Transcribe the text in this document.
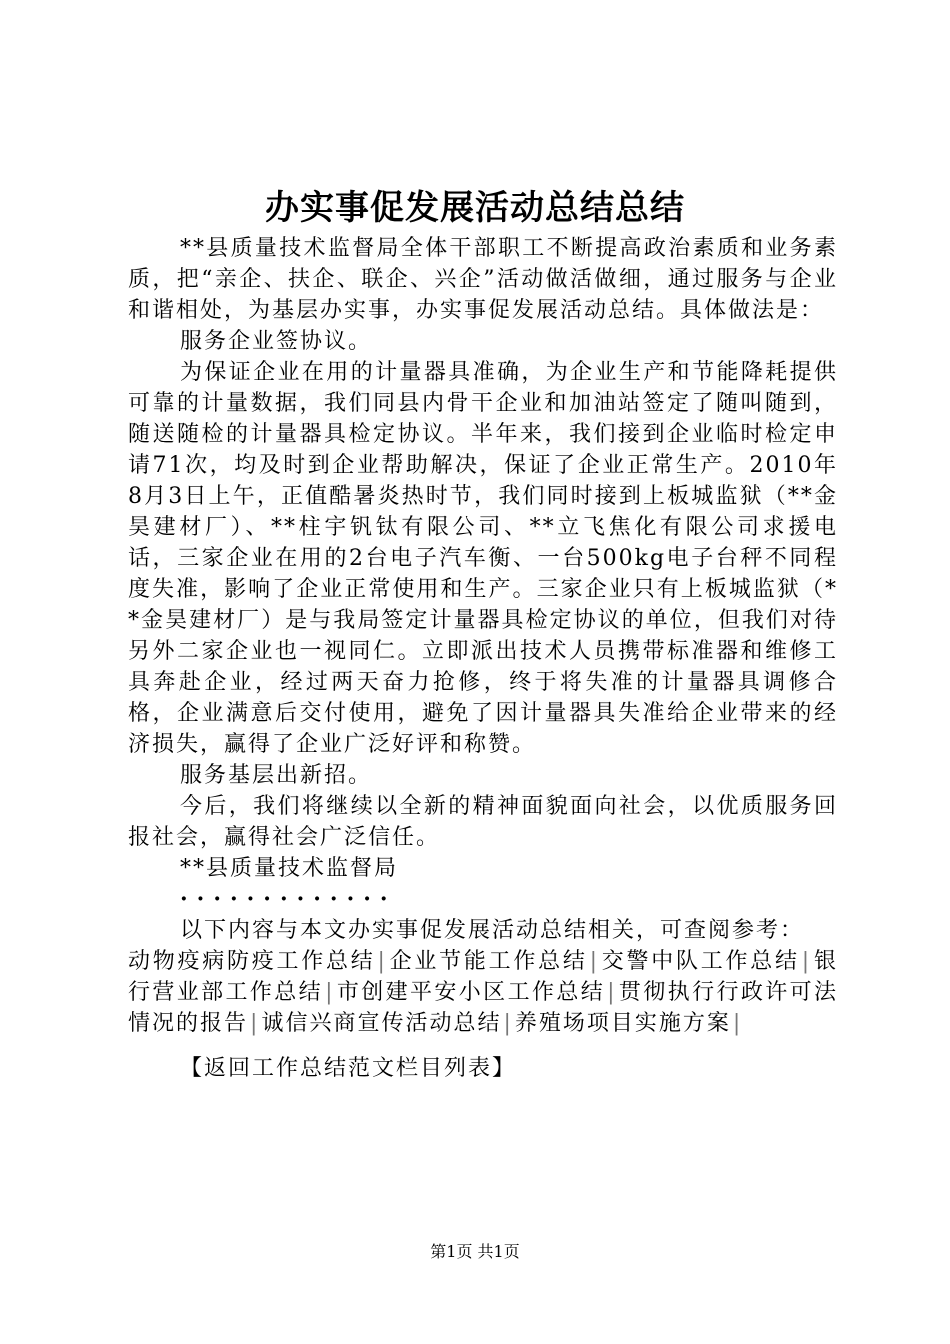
办实事促发展活动总结总结

**县质量技术监督局全体干部职工不断提高政治素质和业务素质，把“亲企、扶企、联企、兴企”活动做活做细，通过服务与企业和谐相处，为基层办实事，办实事促发展活动总结。具体做法是：

服务企业签协议。

为保证企业在用的计量器具准确，为企业生产和节能降耗提供可靠的计量数据，我们同县内骨干企业和加油站签定了随叫随到，随送随检的计量器具检定协议。半年来，我们接到企业临时检定申请71次，均及时到企业帮助解决，保证了企业正常生产。2010年8月3日上午，正值酷暑炎热时节，我们同时接到上板城监狱（**金昊建材厂）、**柱宇钒钛有限公司、**立飞焦化有限公司求援电话，三家企业在用的2台电子汽车衡、一台500kg电子台秤不同程度失准，影响了企业正常使用和生产。三家企业只有上板城监狱（**金昊建材厂）是与我局签定计量器具检定协议的单位，但我们对待另外二家企业也一视同仁。立即派出技术人员携带标准器和维修工具奔赴企业，经过两天奋力抢修，终于将失准的计量器具调修合格，企业满意后交付使用，避免了因计量器具失准给企业带来的经济损失，赢得了企业广泛好评和称赞。

服务基层出新招。

今后，我们将继续以全新的精神面貌面向社会，以优质服务回报社会，赢得社会广泛信任。

**县质量技术监督局

·············

以下内容与本文办实事促发展活动总结相关，可查阅参考：

动物疫病防疫工作总结|企业节能工作总结|交警中队工作总结|银行营业部工作总结|市创建平安小区工作总结|贯彻执行行政许可法情况的报告|诚信兴商宣传活动总结|养殖场项目实施方案|
【返回工作总结范文栏目列表】
第1页 共1页
